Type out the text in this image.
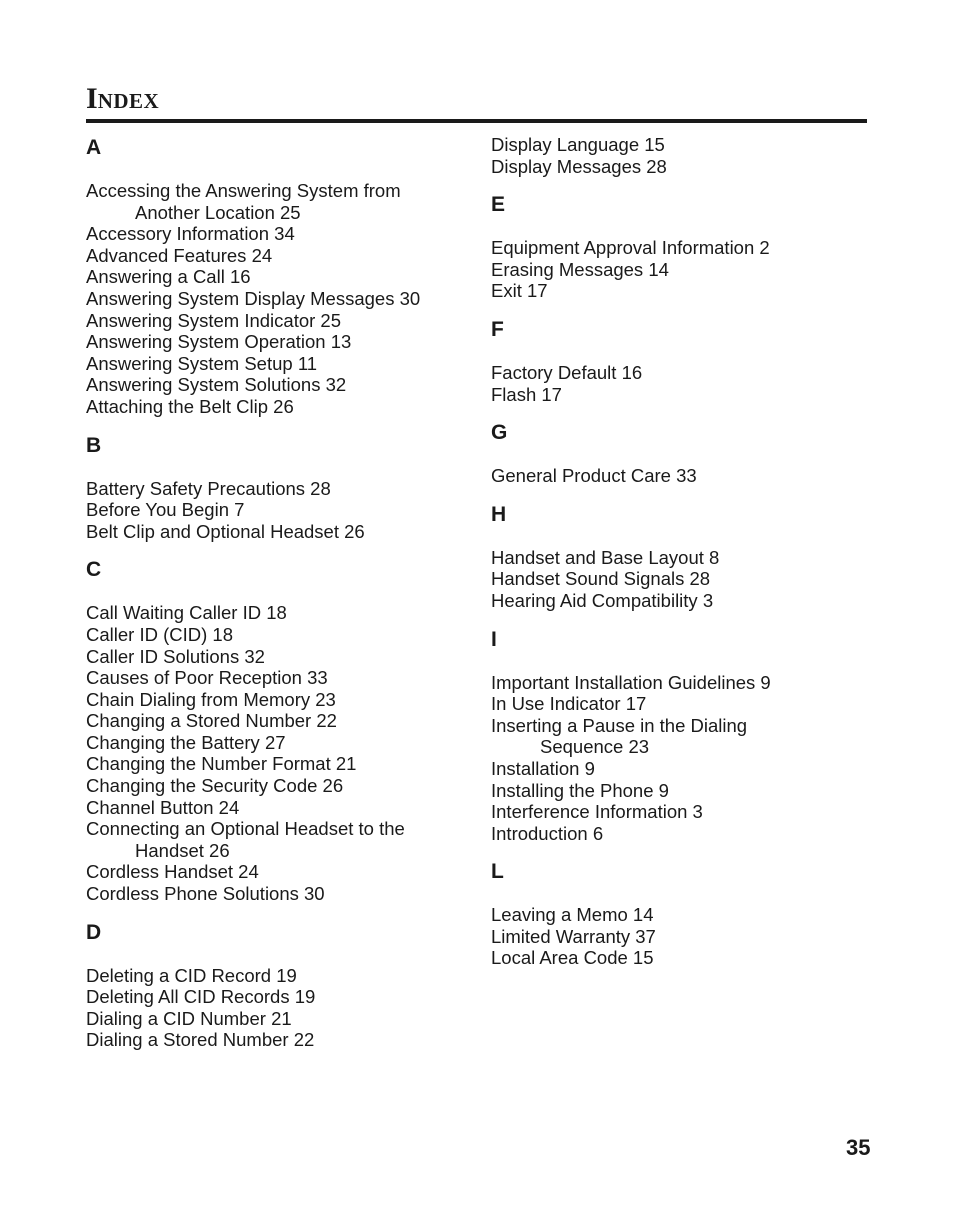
INDEX
A
Accessing the Answering System from
Another Location 25
Accessory Information 34
Advanced Features 24
Answering a Call 16
Answering System Display Messages 30
Answering System Indicator 25
Answering System Operation 13
Answering System Setup 11
Answering System Solutions 32
Attaching the Belt Clip 26
B
Battery Safety Precautions 28
Before You Begin 7
Belt Clip and Optional Headset 26
C
Call Waiting Caller ID 18
Caller ID (CID) 18
Caller ID Solutions 32
Causes of Poor Reception 33
Chain Dialing from Memory 23
Changing a Stored Number 22
Changing the Battery 27
Changing the Number Format 21
Changing the Security Code 26
Channel Button 24
Connecting an Optional Headset to the
Handset 26
Cordless Handset 24
Cordless Phone Solutions 30
D
Deleting a CID Record 19
Deleting All CID Records 19
Dialing a CID Number 21
Dialing a Stored Number 22
Display Language 15
Display Messages 28
E
Equipment Approval Information 2
Erasing Messages 14
Exit 17
F
Factory Default 16
Flash 17
G
General Product Care 33
H
Handset and Base Layout 8
Handset Sound Signals 28
Hearing Aid Compatibility 3
I
Important Installation Guidelines 9
In Use Indicator 17
Inserting a Pause in the Dialing
Sequence 23
Installation 9
Installing the Phone 9
Interference Information 3
Introduction 6
L
Leaving a Memo 14
Limited Warranty 37
Local Area Code 15
35
